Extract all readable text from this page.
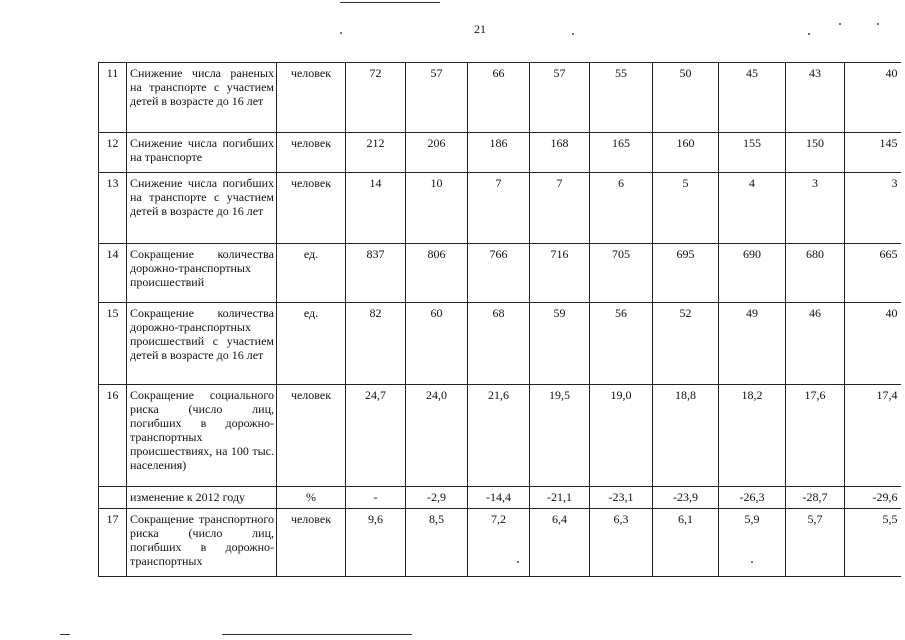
21
11	Снижение числа раненых на транспорте с участием детей в возрасте до 16 лет	человек	72	57	66	57	55	50	45	43	40
12	Снижение числа погибших на транспорте	человек	212	206	186	168	165	160	155	150	145
13	Снижение числа погибших на транспорте с участием детей в возрасте до 16 лет	человек	14	10	7	7	6	5	4	3	3
14	Сокращение количества дорожно-транспортных происшествий	ед.	837	806	766	716	705	695	690	680	665
15	Сокращение количества дорожно-транспортных происшествий с участием детей в возрасте до 16 лет	ед.	82	60	68	59	56	52	49	46	40
16	Сокращение социального риска (число лиц, погибших в дорожно-транспортных происшествиях, на 100 тыс. населения)	человек	24,7	24,0	21,6	19,5	19,0	18,8	18,2	17,6	17,4
	изменение к 2012 году	%	-	-2,9	-14,4	-21,1	-23,1	-23,9	-26,3	-28,7	-29,6
17	Сокращение транспортного риска (число лиц, погибших в дорожно-транспортных	человек	9,6	8,5	7,2	6,4	6,3	6,1	5,9	5,7	5,5
